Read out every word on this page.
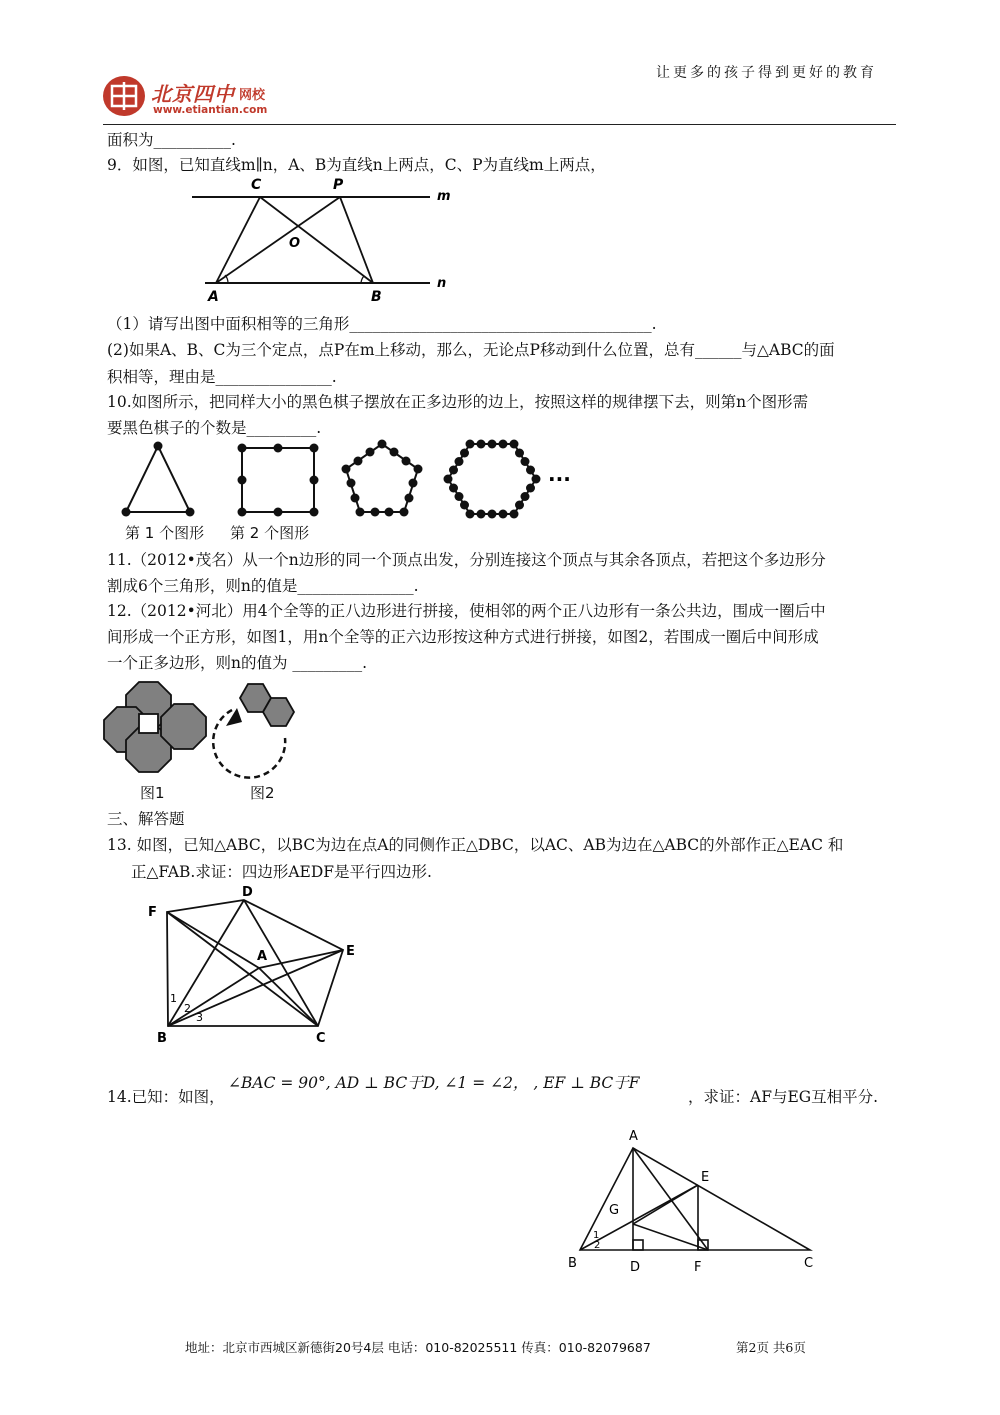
北京四中 网校
www.etiantian.com
让更多的孩子得到更好的教育
面积为__________.
9．如图，已知直线m∥n，A、B为直线n上两点，C、P为直线m上两点，
C	P
O
A	B
m
n
（1）请写出图中面积相等的三角形_______________________________________.
(2)如果A、B、C为三个定点，点P在m上移动，那么，无论点P移动到什么位置，总有______与△ABC的面
积相等，理由是_______________.
10.如图所示，把同样大小的黑色棋子摆放在正多边形的边上，按照这样的规律摆下去，则第n个图形需
要黑色棋子的个数是_________.
···
第 1 个图形 第 2 个图形
11.（2012•茂名）从一个n边形的同一个顶点出发，分别连接这个顶点与其余各顶点，若把这个多边形分
割成6个三角形，则n的值是_______________.
12.（2012•河北）用4个全等的正八边形进行拼接，使相邻的两个正八边形有一条公共边，围成一圈后中
间形成一个正方形，如图1，用n个全等的正六边形按这种方式进行拼接，如图2，若围成一圈后中间形成
一个正多边形，则n的值为 _________.
图1	图2
三、解答题
13. 如图，已知△ABC，以BC为边在点A的同侧作正△DBC，以AC、AB为边在△ABC的外部作正△EAC 和
正△FAB.求证：四边形AEDF是平行四边形.
D
F
A	E
B	C
1
2
3
14.已知：如图，
∠BAC = 90°, AD ⊥ BC于D, ∠1 = ∠2， , EF ⊥ BC于F
，求证：AF与EG互相平分.
A
E
G
B	D	F	C
1
2
地址：北京市西城区新德街20号4层 电话：010-82025511 传真：010-82079687	第2页 共6页
